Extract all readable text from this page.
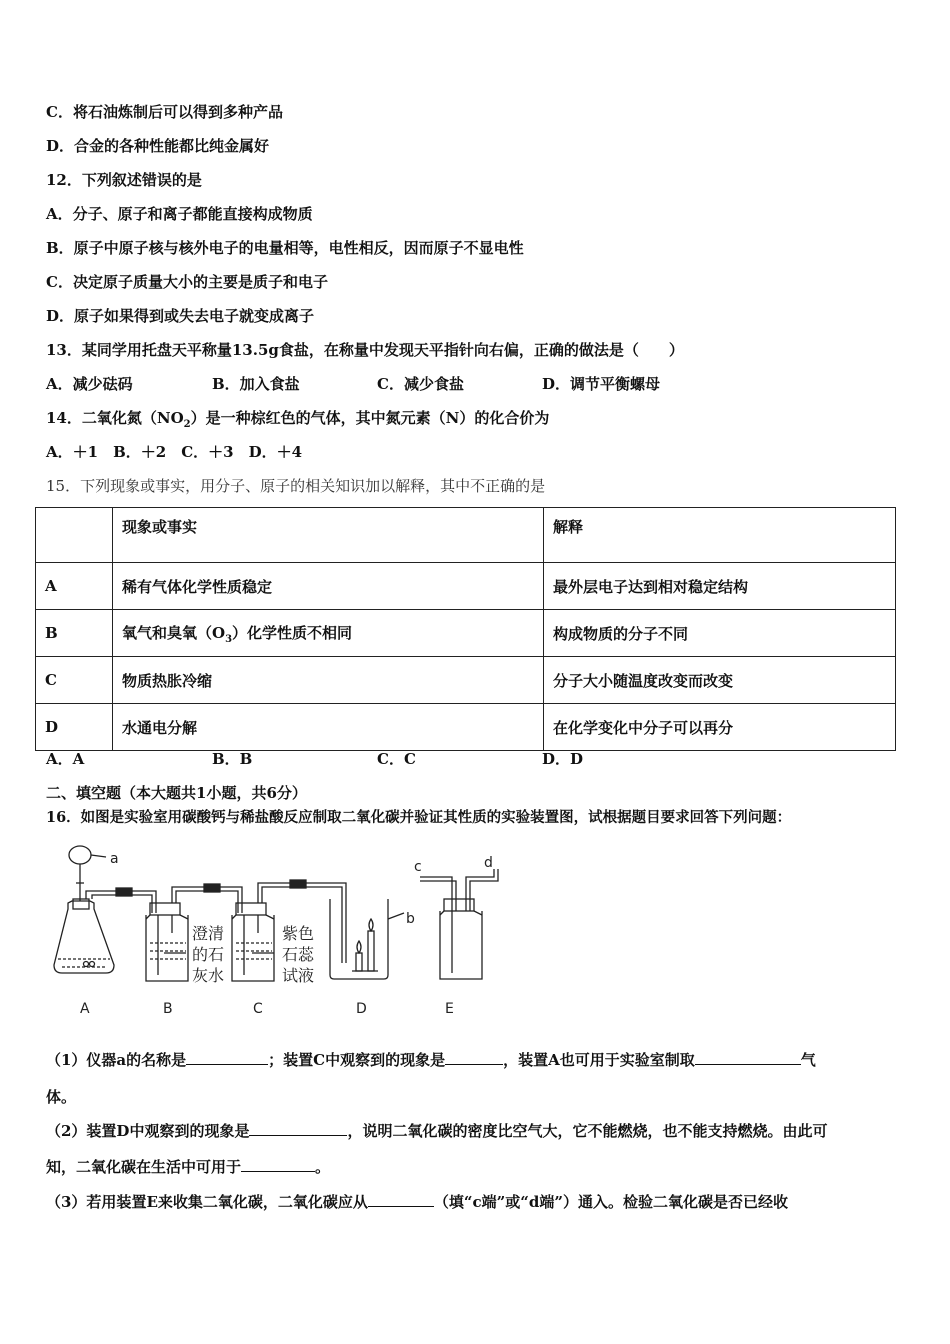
C．将石油炼制后可以得到多种产品
D．合金的各种性能都比纯金属好
12．下列叙述错误的是
A．分子、原子和离子都能直接构成物质
B．原子中原子核与核外电子的电量相等，电性相反，因而原子不显电性
C．决定原子质量大小的主要是质子和电子
D．原子如果得到或失去电子就变成离子
13．某同学用托盘天平称量13.5g食盐，在称量中发现天平指针向右偏，正确的做法是（　　）
A．减少砝码	B．加入食盐	C．减少食盐	D．调节平衡螺母
14．二氧化氮$(NO_2)$是一种棕红色的气体，其中氮元素（N）的化合价为
A．＋1　B．＋2　C．＋3　D．＋4
15．下列现象或事实，用分子、原子的相关知识加以解释，其中不正确的是
	现象或事实	解释
A	稀有气体化学性质稳定	最外层电子达到相对稳定结构
B	氧气和臭氧$(O_3)$化学性质不相同	构成物质的分子不同
C	物质热胀冷缩	分子大小随温度改变而改变
D	水通电分解	在化学变化中分子可以再分
A．A	B．B	C．C	D．D
二、填空题（本大题共1小题，共6分）
16．如图是实验室用碳酸钙与稀盐酸反应制取二氧化碳并验证其性质的实验装置图，试根据题目要求回答下列问题：
a
b
c	d
澄清
的石
灰水
紫色
石蕊
试液
A	B	C	D	E
（1）仪器a的名称是	；装置C中观察到的现象是	，装置A也可用于实验室制取	气
体。
（2）装置D中观察到的现象是	，说明二氧化碳的密度比空气大，它不能燃烧，也不能支持燃烧。由此可
知，二氧化碳在生活中可用于	。
（3）若用装置E来收集二氧化碳，二氧化碳应从	（填“c端”或“d端”）通入。检验二氧化碳是否已经收
